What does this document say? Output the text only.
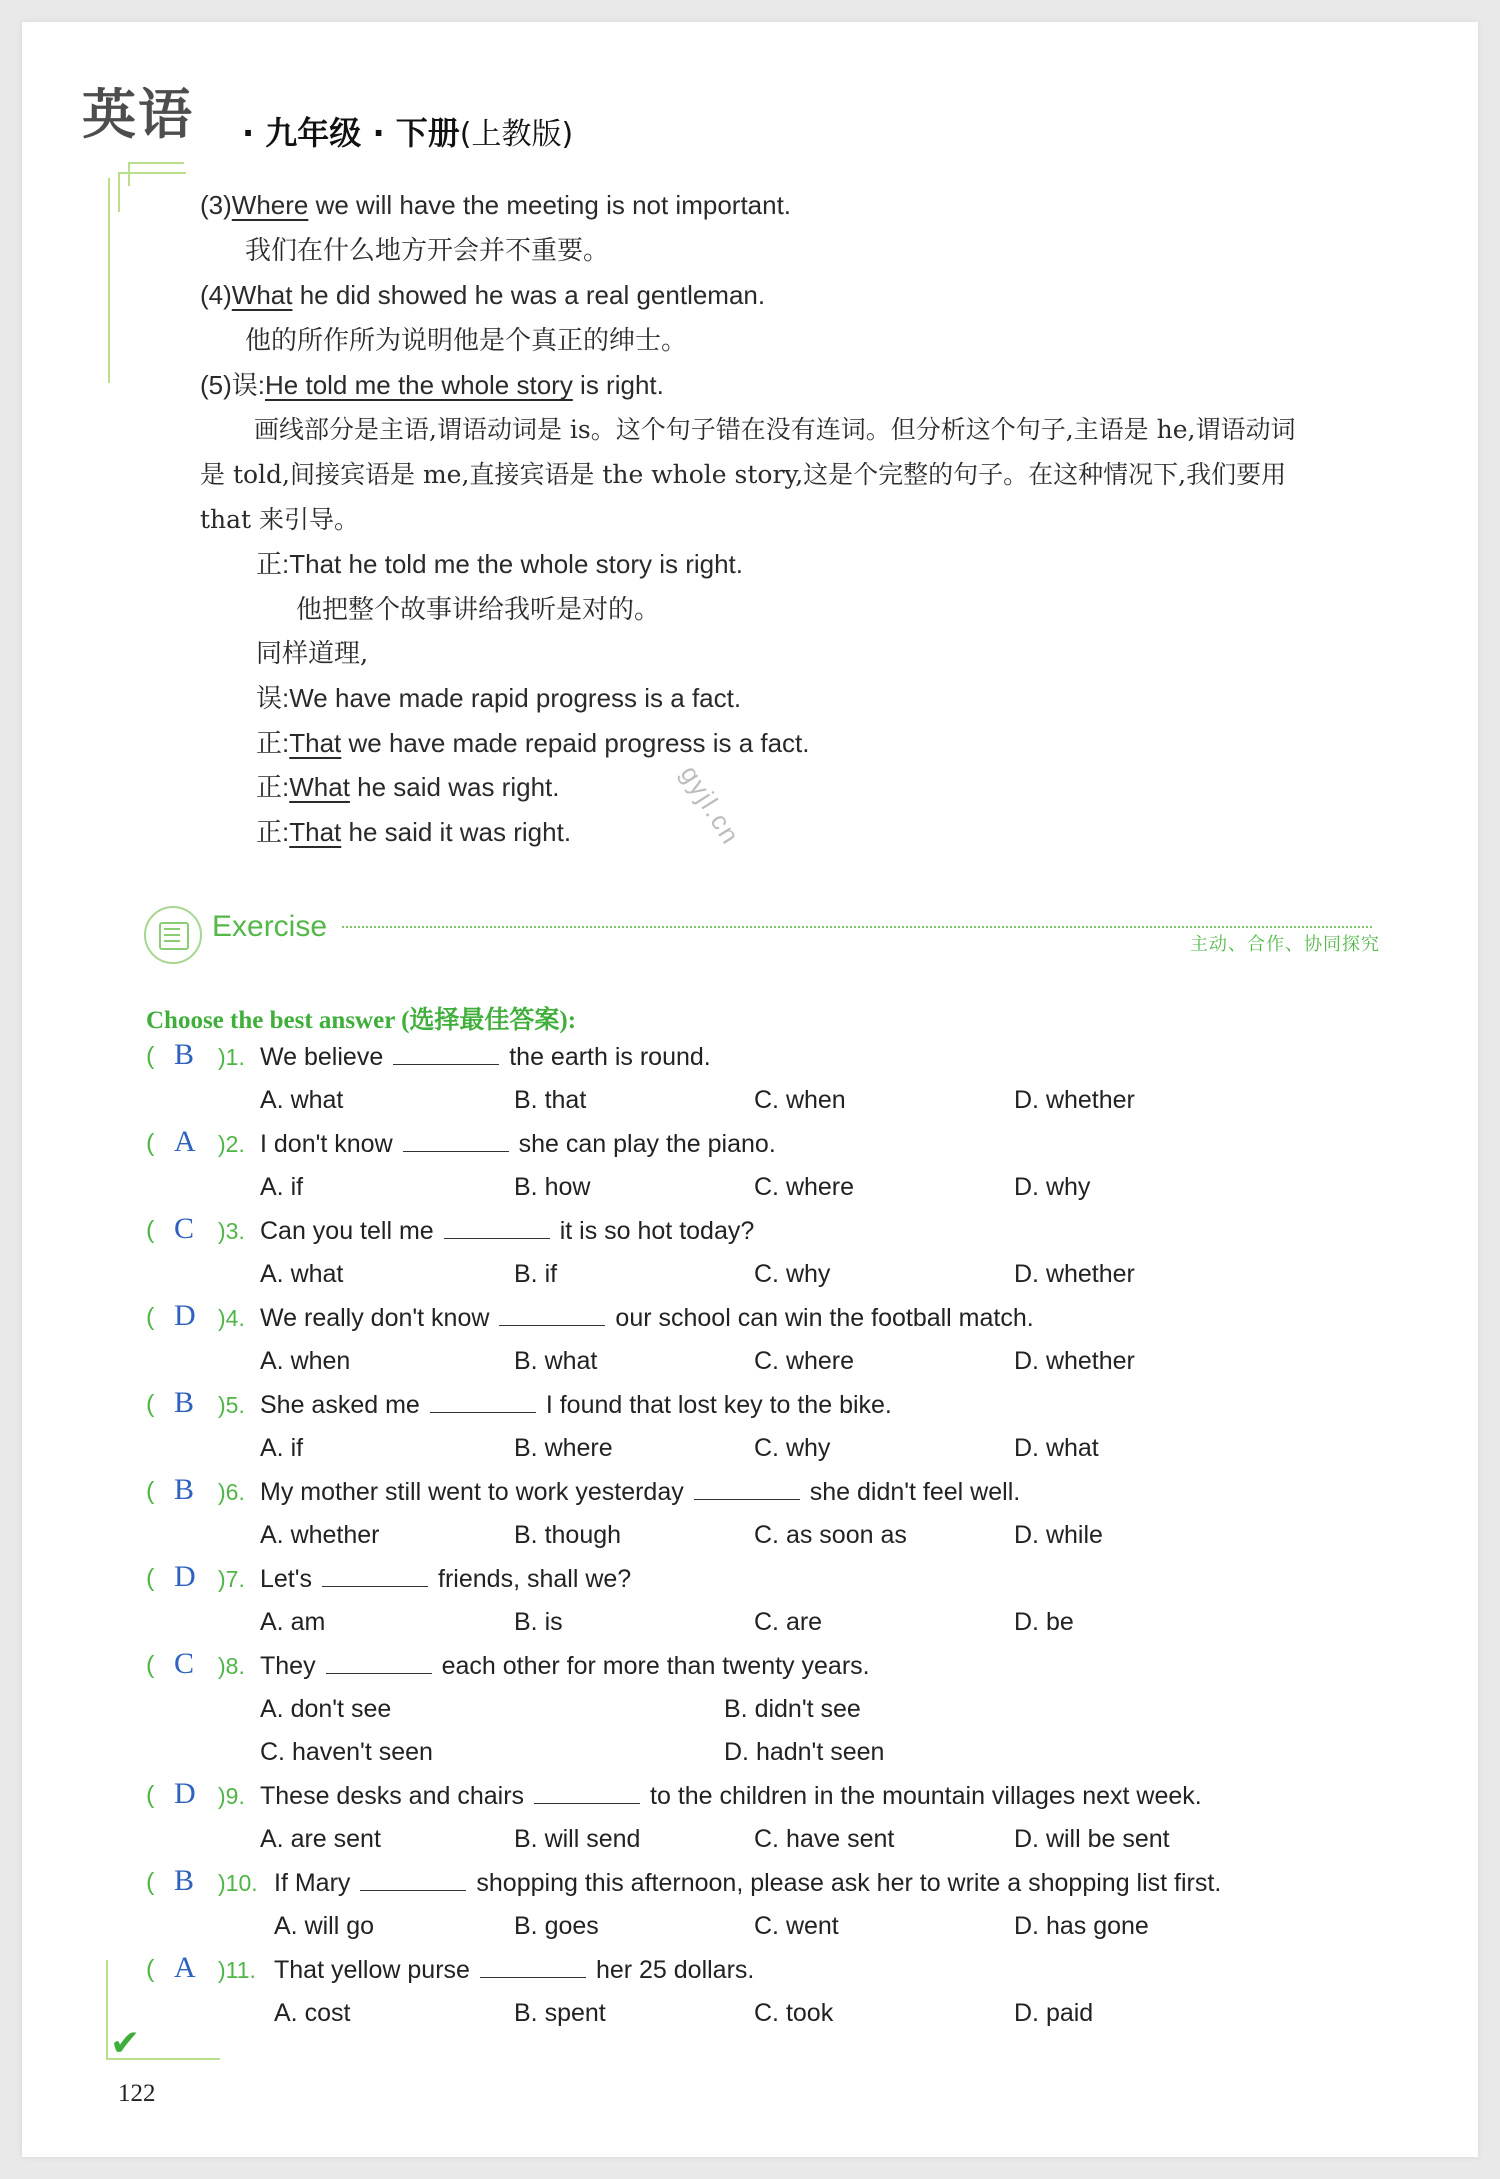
英语 · 九年级 · 下册(上教版)
(3)Where we will have the meeting is not important.
我们在什么地方开会并不重要。
(4)What he did showed he was a real gentleman.
他的所作所为说明他是个真正的绅士。
(5)误:He told me the whole story is right.
画线部分是主语,谓语动词是 is。这个句子错在没有连词。但分析这个句子,主语是 he,谓语动词
是 told,间接宾语是 me,直接宾语是 the whole story,这是个完整的句子。在这种情况下,我们要用
that 来引导。
正:That he told me the whole story is right.
他把整个故事讲给我听是对的。
同样道理,
误:We have made rapid progress is a fact.
正:That we have made repaid progress is a fact.
正:What he said was right.
正:That he said it was right.	gyjl.cn
Exercise
主动、合作、协同探究
Choose the best answer (选择最佳答案):
( B )1. We believe	the earth is round.
A. what	B. that	C. when	D. whether
( A )2. I don't know	she can play the piano.
A. if	B. how	C. where	D. why
( C )3. Can you tell me	it is so hot today?
A. what	B. if	C. why	D. whether
( D )4. We really don't know	our school can win the football match.
A. when	B. what	C. where	D. whether
( B )5. She asked me	I found that lost key to the bike.
A. if	B. where	C. why	D. what
( B )6. My mother still went to work yesterday	she didn't feel well.
A. whether	B. though	C. as soon as	D. while
( D )7. Let's	friends, shall we?
A. am	B. is	C. are	D. be
( C )8. They	each other for more than twenty years.
A. don't see	B. didn't see
C. haven't seen	D. hadn't seen
( D )9. These desks and chairs	to the children in the mountain villages next week.
A. are sent	B. will send	C. have sent	D. will be sent
( B )10. If Mary	shopping this afternoon, please ask her to write a shopping list first.
A. will go	B. goes	C. went	D. has gone
( A )11. That yellow purse	her 25 dollars.
A. cost	B. spent	C. took	D. paid
✔
122
